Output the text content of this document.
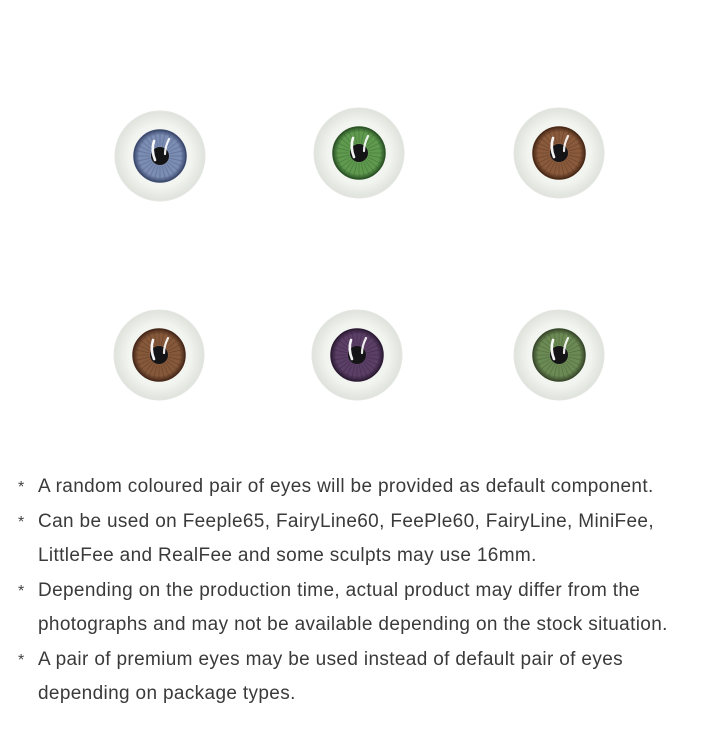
* A random coloured pair of eyes will be provided as default component.
* Can be used on Feeple65, FairyLine60, FeePle60, FairyLine, MiniFee,
LittleFee and RealFee and some sculpts may use 16mm.
* Depending on the production time, actual product may differ from the
photographs and may not be available depending on the stock situation.
* A pair of premium eyes may be used instead of default pair of eyes
depending on package types.
